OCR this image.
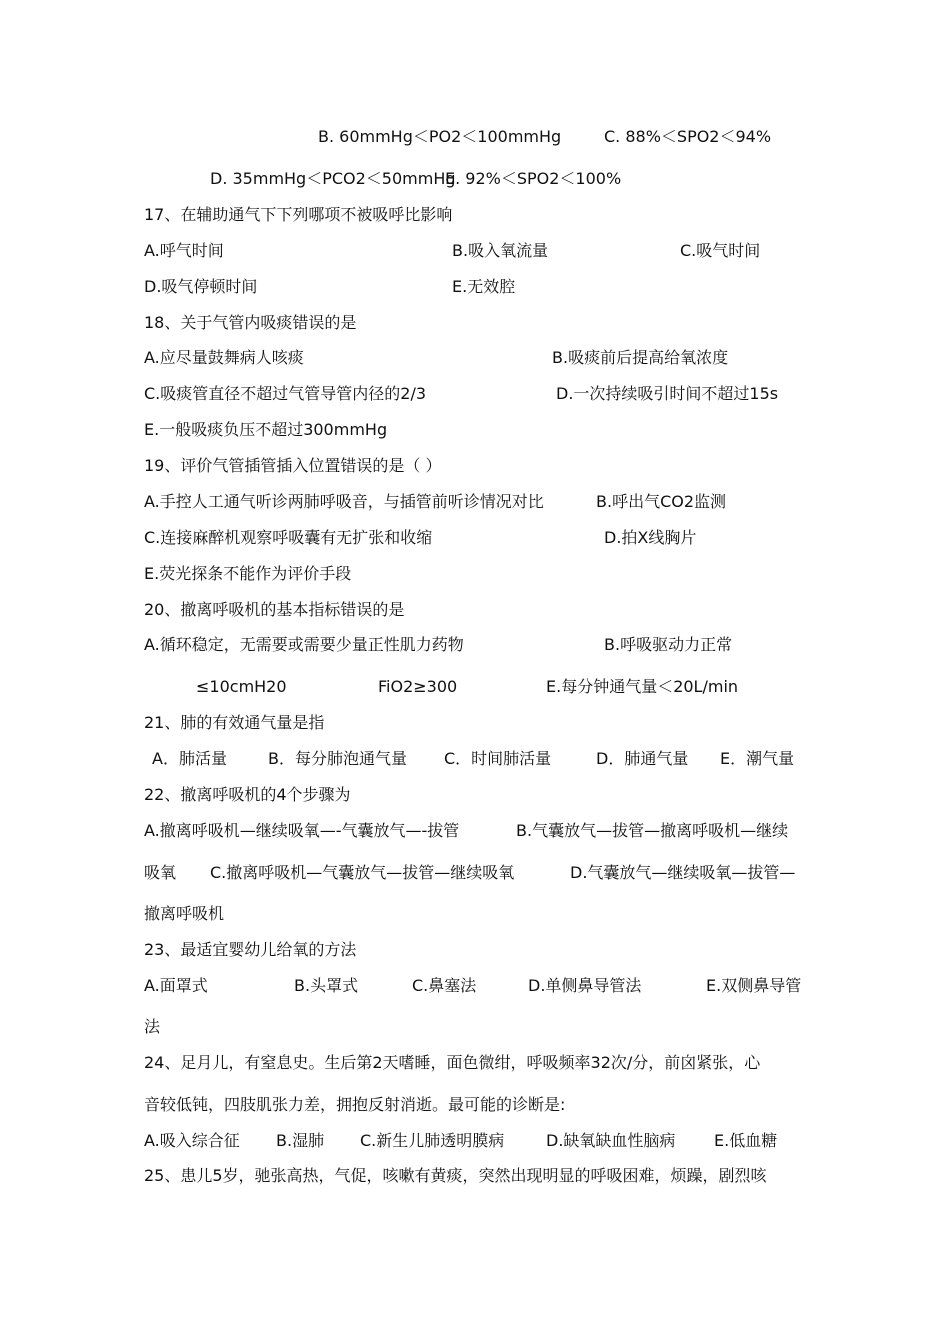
B. 60mmHg＜PO2＜100mmHg	C. 88%＜SPO2＜94%
D. 35mmHg＜PCO2＜50mmHg
E. 92%＜SPO2＜100%
17、在辅助通气下下列哪项不被吸呼比影响
A.呼气时间	B.吸入氧流量	C.吸气时间
D.吸气停顿时间	E.无效腔
18、关于气管内吸痰错误的是
A.应尽量鼓舞病人咳痰	B.吸痰前后提高给氧浓度
C.吸痰管直径不超过气管导管内径的2/3	D.一次持续吸引时间不超过15s
E.一般吸痰负压不超过300mmHg
19、评价气管插管插入位置错误的是（ ）
A.手控人工通气听诊两肺呼吸音，与插管前听诊情况对比	B.呼出气CO2监测
C.连接麻醉机观察呼吸囊有无扩张和收缩	D.拍X线胸片
E.荧光探条不能作为评价手段
20、撤离呼吸机的基本指标错误的是
A.循环稳定，无需要或需要少量正性肌力药物	B.呼吸驱动力正常
≤10cmH20	FiO2≥300	E.每分钟通气量＜20L/min
21、肺的有效通气量是指
A．肺活量	B．每分肺泡通气量 C．时间肺活量	D．肺通气量 E．潮气量
22、撤离呼吸机的4个步骤为
A.撤离呼吸机—继续吸氧—-气囊放气—-拔管	B.气囊放气—拔管—撤离呼吸机—继续
吸氧 C.撤离呼吸机—气囊放气—拔管—继续吸氧	D.气囊放气—继续吸氧—拔管—
撤离呼吸机
23、最适宜婴幼儿给氧的方法
A.面罩式	B.头罩式	C.鼻塞法	D.单侧鼻导管法	E.双侧鼻导管
法
24、足月儿，有窒息史。生后第2天嗜睡，面色微绀，呼吸频率32次/分，前囟紧张，心
音较低钝，四肢肌张力差，拥抱反射消逝。最可能的诊断是:
A.吸入综合征 B.湿肺 C.新生儿肺透明膜病	D.缺氧缺血性脑病 E.低血糖
25、患儿5岁，驰张高热，气促，咳嗽有黄痰，突然出现明显的呼吸困难，烦躁，剧烈咳
